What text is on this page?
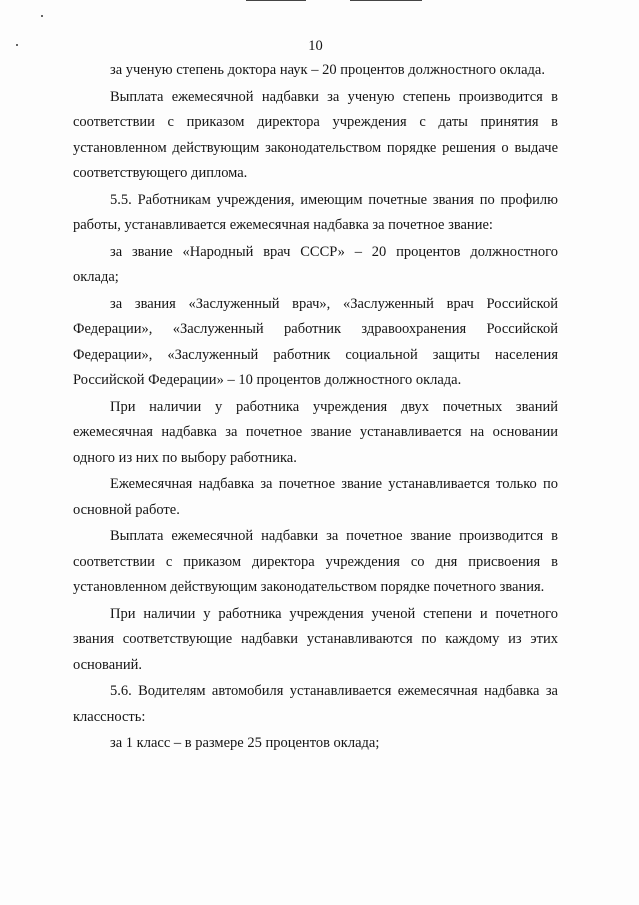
10

за ученую степень доктора наук – 20 процентов должностного оклада.

Выплата ежемесячной надбавки за ученую степень производится в соответствии с приказом директора учреждения с даты принятия в установленном действующим законодательством порядке решения о выдаче соответствующего диплома.

5.5. Работникам учреждения, имеющим почетные звания по профилю работы, устанавливается ежемесячная надбавка за почетное звание:

за звание «Народный врач СССР» – 20 процентов должностного оклада;

за звания «Заслуженный врач», «Заслуженный врач Российской Федерации», «Заслуженный работник здравоохранения Российской Федерации», «Заслуженный работник социальной защиты населения Российской Федерации» – 10 процентов должностного оклада.

При наличии у работника учреждения двух почетных званий ежемесячная надбавка за почетное звание устанавливается на основании одного из них по выбору работника.

Ежемесячная надбавка за почетное звание устанавливается только по основной работе.

Выплата ежемесячной надбавки за почетное звание производится в соответствии с приказом директора учреждения со дня присвоения в установленном действующим законодательством порядке почетного звания.

При наличии у работника учреждения ученой степени и почетного звания соответствующие надбавки устанавливаются по каждому из этих оснований.

5.6. Водителям автомобиля устанавливается ежемесячная надбавка за классность:

за 1 класс – в размере 25 процентов оклада;
